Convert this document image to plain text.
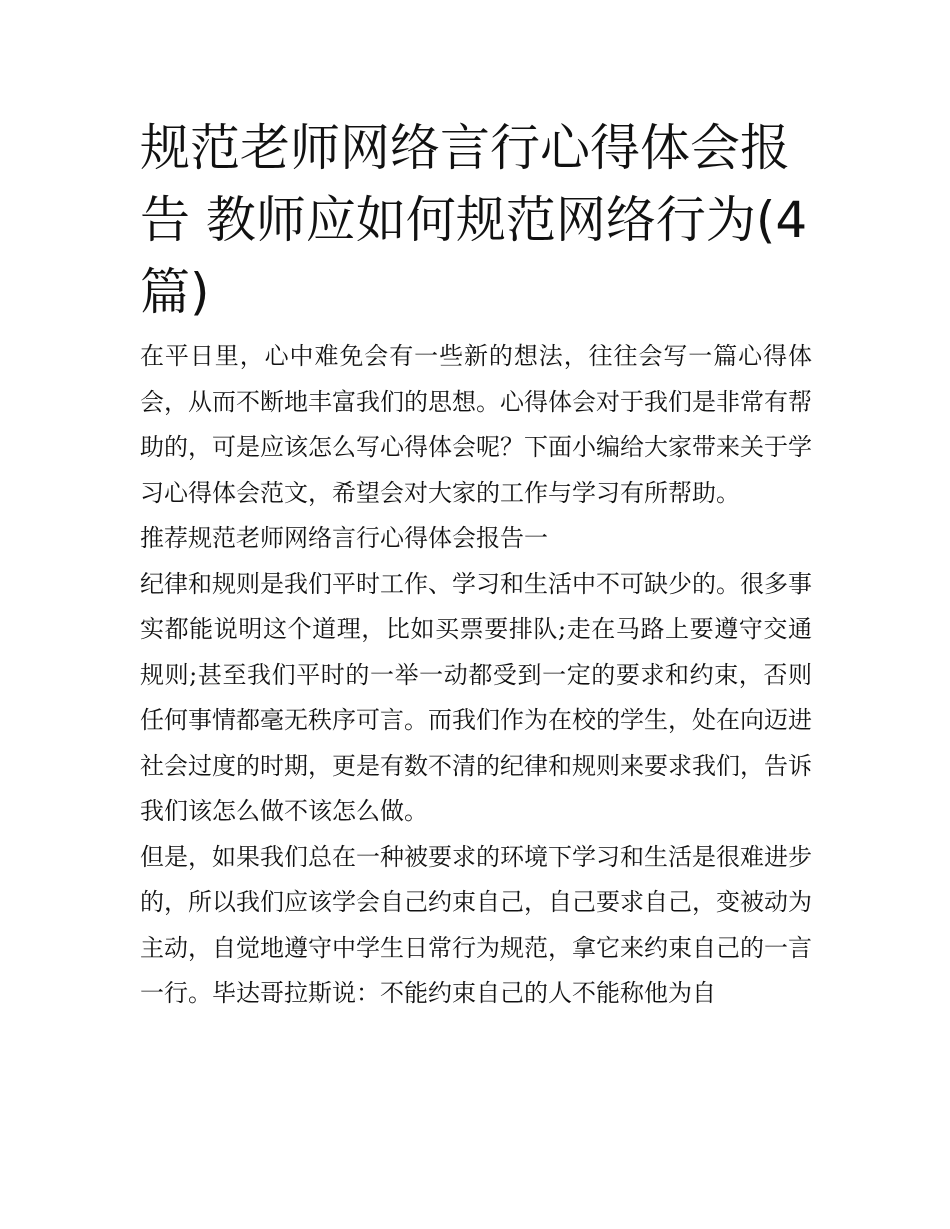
规范老师网络言行心得体会报告 教师应如何规范网络行为(4篇)

在平日里，心中难免会有一些新的想法，往往会写一篇心得体会，从而不断地丰富我们的思想。心得体会对于我们是非常有帮助的，可是应该怎么写心得体会呢？下面小编给大家带来关于学习心得体会范文，希望会对大家的工作与学习有所帮助。

推荐规范老师网络言行心得体会报告一

纪律和规则是我们平时工作、学习和生活中不可缺少的。很多事实都能说明这个道理，比如买票要排队;走在马路上要遵守交通规则;甚至我们平时的一举一动都受到一定的要求和约束，否则任何事情都毫无秩序可言。而我们作为在校的学生，处在向迈进社会过度的时期，更是有数不清的纪律和规则来要求我们，告诉我们该怎么做不该怎么做。

但是，如果我们总在一种被要求的环境下学习和生活是很难进步的，所以我们应该学会自己约束自己，自己要求自己，变被动为主动，自觉地遵守中学生日常行为规范，拿它来约束自己的一言一行。毕达哥拉斯说：不能约束自己的人不能称他为自
